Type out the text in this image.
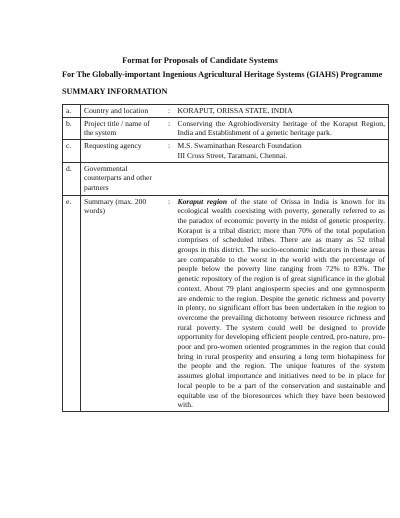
Format for Proposals of Candidate Systems
For The Globally-important Ingenious Agricultural Heritage Systems (GIAHS) Programme
SUMMARY INFORMATION
a.	Country and location	:	KORAPUT, ORISSA STATE, INDIA
b.	Project title / name of the system	:	Conserving the Agrobiodiversity heritage of the Koraput Region, India and Establishment of a genetic heritage park.
c.	Requesting agency	:	M.S. Swaminathan Research Foundation
III Cross Street, Taramani, Chennai.

d.	Governmental counterparts and other partners		
e.	Summary (max. 200 words)	:	Koraput region of the state of Orissa in India is known for its ecological wealth coexisting with poverty, generally referred to as the paradox of economic poverty in the midst of genetic prosperity. Koraput is a tribal district; more than 70% of the total population comprises of scheduled tribes. There are as many as 52 tribal groups in this district. The socio-economic indicators in these areas are comparable to the worst in the world with the percentage of people below the poverty line ranging from 72% to 83%. The genetic repository of the region is of great significance in the global context. About 79 plant angiosperm species and one gymnosperm are endemic to the region. Despite the genetic richness and poverty in plenty, no significant effort has been undertaken in the region to overcome the prevailing dichotomy between resource richness and rural poverty. The system could well be designed to provide opportunity for developing efficient people centred, pro-nature, pro-poor and pro-women oriented programmes in the region that could bring in rural prosperity and ensuring a long term biohapiness for the people and the region. The unique features of the system assumes global importance and initiatives need to be in place for local people to be a part of the conservation and sustainable and equitable use of the bioresources which they have been bestowed with.
